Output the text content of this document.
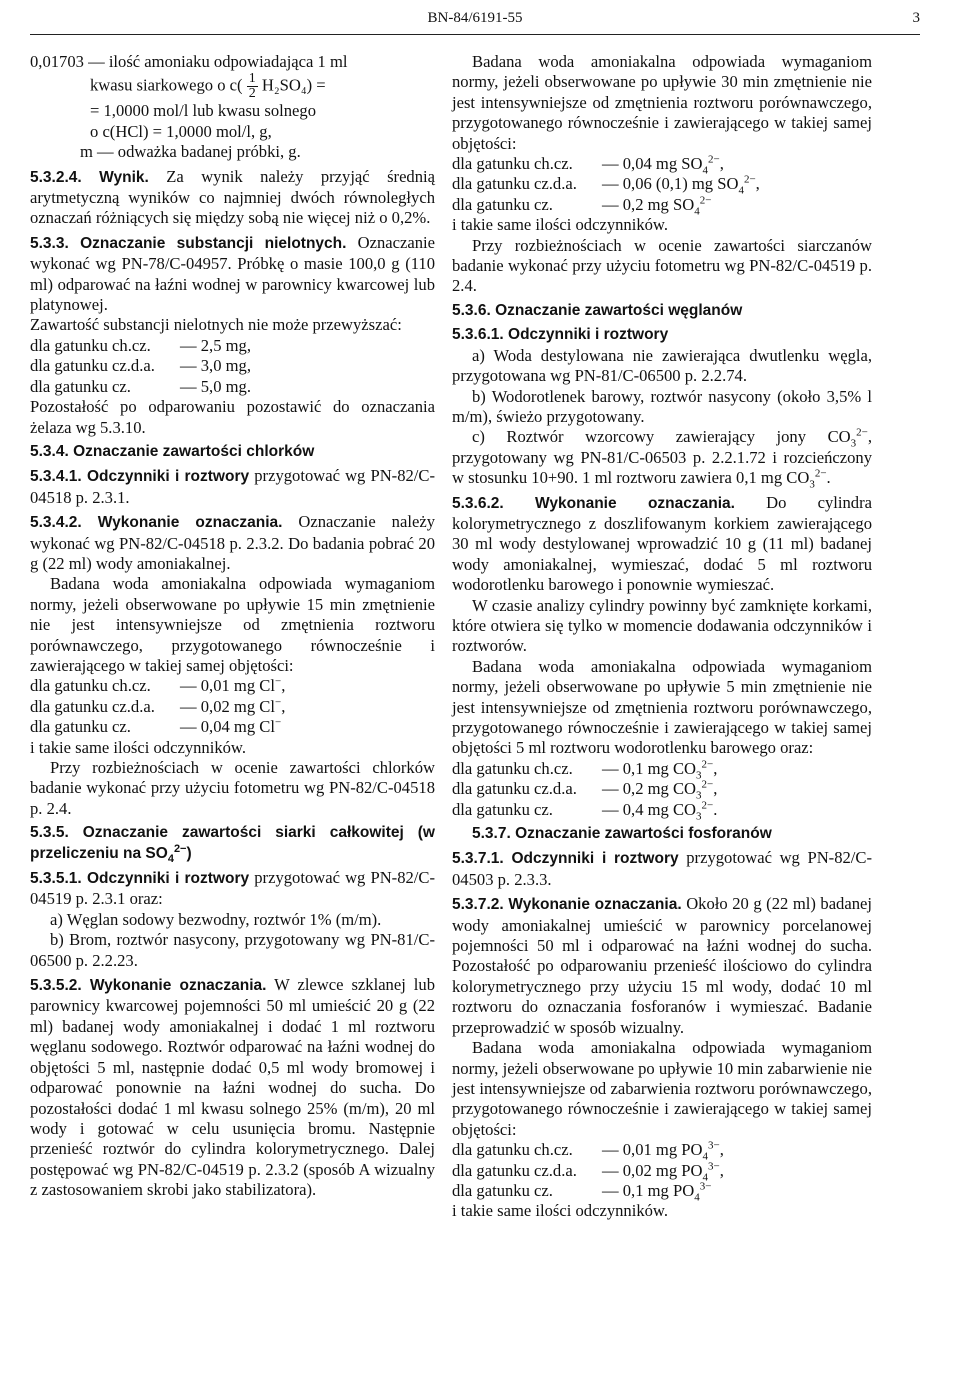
BN-84/6191-55	3

0,01703 — ilość amoniaku odpowiadająca 1 ml

kwasu siarkowego o $c( \frac{1}{2} H_2SO_4)$ =

= 1,0000 mol/l lub kwasu solnego

o c(HCl) = 1,0000 mol/l, g,

m — odważka badanej próbki, g.

5.3.2.4. Wynik. Za wynik należy przyjąć średnią arytmetyczną wyników co najmniej dwóch równoległych oznaczań różniących się między sobą nie więcej niż o 0,2%.

5.3.3. Oznaczanie substancji nielotnych. Oznaczanie wykonać wg PN-78/C-04957. Próbkę o masie 100,0 g (110 ml) odparować na łaźni wodnej w parownicy kwarcowej lub platynowej.

Zawartość substancji nielotnych nie może przewyższać:

dla gatunku ch.cz.	— 2,5 mg,
dla gatunku cz.d.a.	— 3,0 mg,
dla gatunku cz.	— 5,0 mg.

Pozostałość po odparowaniu pozostawić do oznaczania żelaza wg 5.3.10.

5.3.4. Oznaczanie zawartości chlorków

5.3.4.1. Odczynniki i roztwory przygotować wg PN-82/C-04518 p. 2.3.1.

5.3.4.2. Wykonanie oznaczania. Oznaczanie należy wykonać wg PN-82/C-04518 p. 2.3.2. Do badania pobrać 20 g (22 ml) wody amoniakalnej.

Badana woda amoniakalna odpowiada wymaganiom normy, jeżeli obserwowane po upływie 15 min zmętnienie nie jest intensywniejsze od zmętnienia roztworu porównawczego, przygotowanego równocześnie i zawierającego w takiej samej objętości:

dla gatunku ch.cz.	— 0,01 mg Cl−,
dla gatunku cz.d.a.	— 0,02 mg Cl−,
dla gatunku cz.	— 0,04 mg Cl−

i takie same ilości odczynników.

Przy rozbieżnościach w ocenie zawartości chlorków badanie wykonać przy użyciu fotometru wg PN-82/C-04518 p. 2.4.

5.3.5. Oznaczanie zawartości siarki całkowitej (w przeliczeniu na $SO_4^{2-}$)

5.3.5.1. Odczynniki i roztwory przygotować wg PN-82/C-04519 p. 2.3.1 oraz:

a) Węglan sodowy bezwodny, roztwór 1% (m/m).

b) Brom, roztwór nasycony, przygotowany wg PN-81/C-06500 p. 2.2.23.

5.3.5.2. Wykonanie oznaczania. W zlewce szklanej lub parownicy kwarcowej pojemności 50 ml umieścić 20 g (22 ml) badanej wody amoniakalnej i dodać 1 ml roztworu węglanu sodowego. Roztwór odparować na łaźni wodnej do objętości 5 ml, następnie dodać 0,5 ml wody bromowej i odparować ponownie na łaźni wodnej do sucha. Do pozostałości dodać 1 ml kwasu solnego 25% (m/m), 20 ml wody i gotować w celu usunięcia bromu. Następnie przenieść roztwór do cylindra kolorymetrycznego. Dalej postępować wg PN-82/C-04519 p. 2.3.2 (sposób A wizualny z zastosowaniem skrobi jako stabilizatora).

Badana woda amoniakalna odpowiada wymaganiom normy, jeżeli obserwowane po upływie 30 min zmętnienie nie jest intensywniejsze od zmętnienia roztworu porównawczego, przygotowanego równocześnie i zawierającego w takiej samej objętości:

dla gatunku ch.cz.	— 0,04 mg $SO_4^{2-}$,
dla gatunku cz.d.a.	— 0,06 (0,1) mg $SO_4^{2-}$,
dla gatunku cz.	— 0,2 mg $SO_4^{2-}$

i takie same ilości odczynników.

Przy rozbieżnościach w ocenie zawartości siarczanów badanie wykonać przy użyciu fotometru wg PN-82/C-04519 p. 2.4.

5.3.6. Oznaczanie zawartości węglanów

5.3.6.1. Odczynniki i roztwory

a) Woda destylowana nie zawierająca dwutlenku węgla, przygotowana wg PN-81/C-06500 p. 2.2.74.

b) Wodorotlenek barowy, roztwór nasycony (około 3,5% l m/m), świeżo przygotowany.

c) Roztwór wzorcowy zawierający jony $CO_3^{2-}$, przygotowany wg PN-81/C-06503 p. 2.2.1.72 i rozcieńczony w stosunku 10+90. 1 ml roztworu zawiera 0,1 mg $CO_3^{2-}$.

5.3.6.2. Wykonanie oznaczania. Do cylindra kolorymetrycznego z doszlifowanym korkiem zawierającego 30 ml wody destylowanej wprowadzić 10 g (11 ml) badanej wody amoniakalnej, wymieszać, dodać 5 ml roztworu wodorotlenku barowego i ponownie wymieszać.

W czasie analizy cylindry powinny być zamknięte korkami, które otwiera się tylko w momencie dodawania odczynników i roztworów.

Badana woda amoniakalna odpowiada wymaganiom normy, jeżeli obserwowane po upływie 5 min zmętnienie nie jest intensywniejsze od zmętnienia roztworu porównawczego, przygotowanego równocześnie i zawierającego w takiej samej objętości 5 ml roztworu wodorotlenku barowego oraz:

dla gatunku ch.cz.	— 0,1 mg $CO_3^{2-}$,
dla gatunku cz.d.a.	— 0,2 mg $CO_3^{2-}$,
dla gatunku cz.	— 0,4 mg $CO_3^{2-}$.

5.3.7. Oznaczanie zawartości fosforanów

5.3.7.1. Odczynniki i roztwory przygotować wg PN-82/C-04503 p. 2.3.3.

5.3.7.2. Wykonanie oznaczania. Około 20 g (22 ml) badanej wody amoniakalnej umieścić w parownicy porcelanowej pojemności 50 ml i odparować na łaźni wodnej do sucha. Pozostałość po odparowaniu przenieść ilościowo do cylindra kolorymetrycznego przy użyciu 15 ml wody, dodać 10 ml roztworu do oznaczania fosforanów i wymieszać. Badanie przeprowadzić w sposób wizualny.

Badana woda amoniakalna odpowiada wymaganiom normy, jeżeli obserwowane po upływie 10 min zabarwienie nie jest intensywniejsze od zabarwienia roztworu porównawczego, przygotowanego równocześnie i zawierającego w takiej samej objętości:

dla gatunku ch.cz.	— 0,01 mg $PO_4^{3-}$,
dla gatunku cz.d.a.	— 0,02 mg $PO_4^{3-}$,
dla gatunku cz.	— 0,1 mg $PO_4^{3-}$

i takie same ilości odczynników.
